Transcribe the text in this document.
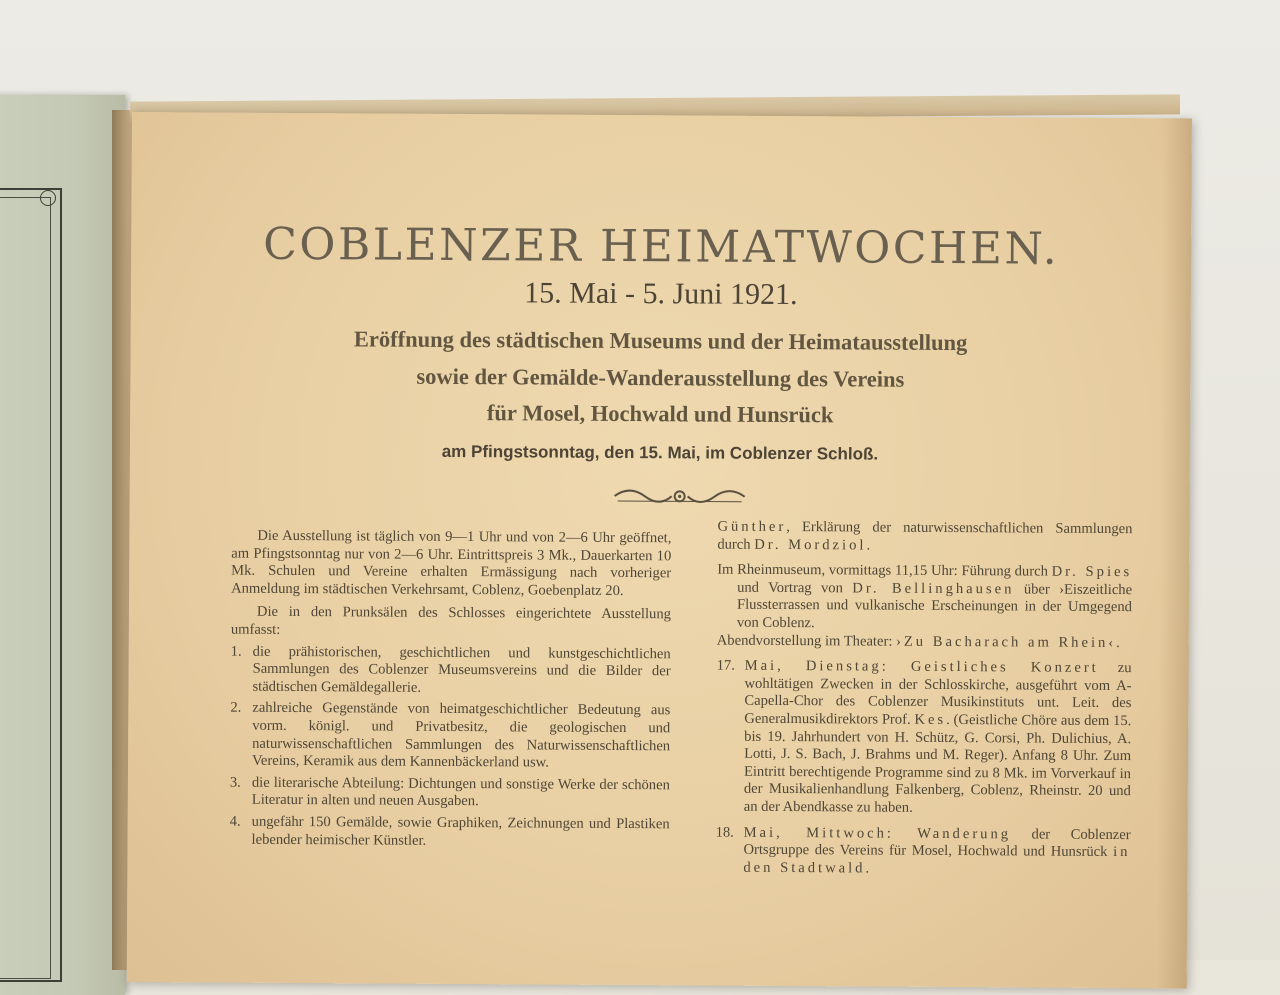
COBLENZER HEIMATWOCHEN.
15. Mai - 5. Juni 1921.
Eröffnung des städtischen Museums und der Heimatausstellung
sowie der Gemälde-Wanderausstellung des Vereins
für Mosel, Hochwald und Hunsrück
am Pfingstsonntag, den 15. Mai, im Coblenzer Schloß.

Die Ausstellung ist täglich von 9—1 Uhr und von 2—6 Uhr geöffnet, am Pfingstsonntag nur von 2—6 Uhr. Eintrittspreis 3 Mk., Dauerkarten 10 Mk. Schulen und Vereine erhalten Ermässigung nach vorheriger Anmeldung im städtischen Verkehrsamt, Coblenz, Goebenplatz 20.

Die in den Prunksälen des Schlosses eingerichtete Ausstellung umfasst:

1. die prähistorischen, geschichtlichen und kunstgeschichtlichen Sammlungen des Coblenzer Museumsvereins und die Bilder der städtischen Gemäldegallerie.

2. zahlreiche Gegenstände von heimatgeschichtlicher Bedeutung aus vorm. königl. und Privatbesitz, die geologischen und naturwissenschaftlichen Sammlungen des Naturwissenschaftlichen Vereins, Keramik aus dem Kannenbäckerland usw.

3. die literarische Abteilung: Dichtungen und sonstige Werke der schönen Literatur in alten und neuen Ausgaben.

4. ungefähr 150 Gemälde, sowie Graphiken, Zeichnungen und Plastiken lebender heimischer Künstler.

Günther, Erklärung der naturwissenschaftlichen Sammlungen durch Dr. Mordziol.

Im Rheinmuseum, vormittags 11,15 Uhr: Führung durch Dr. Spies und Vortrag von Dr. Bellinghausen über ›Eiszeitliche Flussterrassen und vulkanische Erscheinungen in der Umgegend von Coblenz.

Abendvorstellung im Theater: ›Zu Bacharach am Rhein‹.

17. Mai, Dienstag: Geistliches Konzert zu wohltätigen Zwecken in der Schlosskirche, ausgeführt vom A-Capella-Chor des Coblenzer Musikinstituts unt. Leit. des Generalmusikdirektors Prof. Kes. (Geistliche Chöre aus dem 15. bis 19. Jahrhundert von H. Schütz, G. Corsi, Ph. Dulichius, A. Lotti, J. S. Bach, J. Brahms und M. Reger). Anfang 8 Uhr. Zum Eintritt berechtigende Programme sind zu 8 Mk. im Vorverkauf in der Musikalienhandlung Falkenberg, Coblenz, Rheinstr. 20 und an der Abendkasse zu haben.

18. Mai, Mittwoch: Wanderung der Coblenzer Ortsgruppe des Vereins für Mosel, Hochwald und Hunsrück in den Stadtwald.
